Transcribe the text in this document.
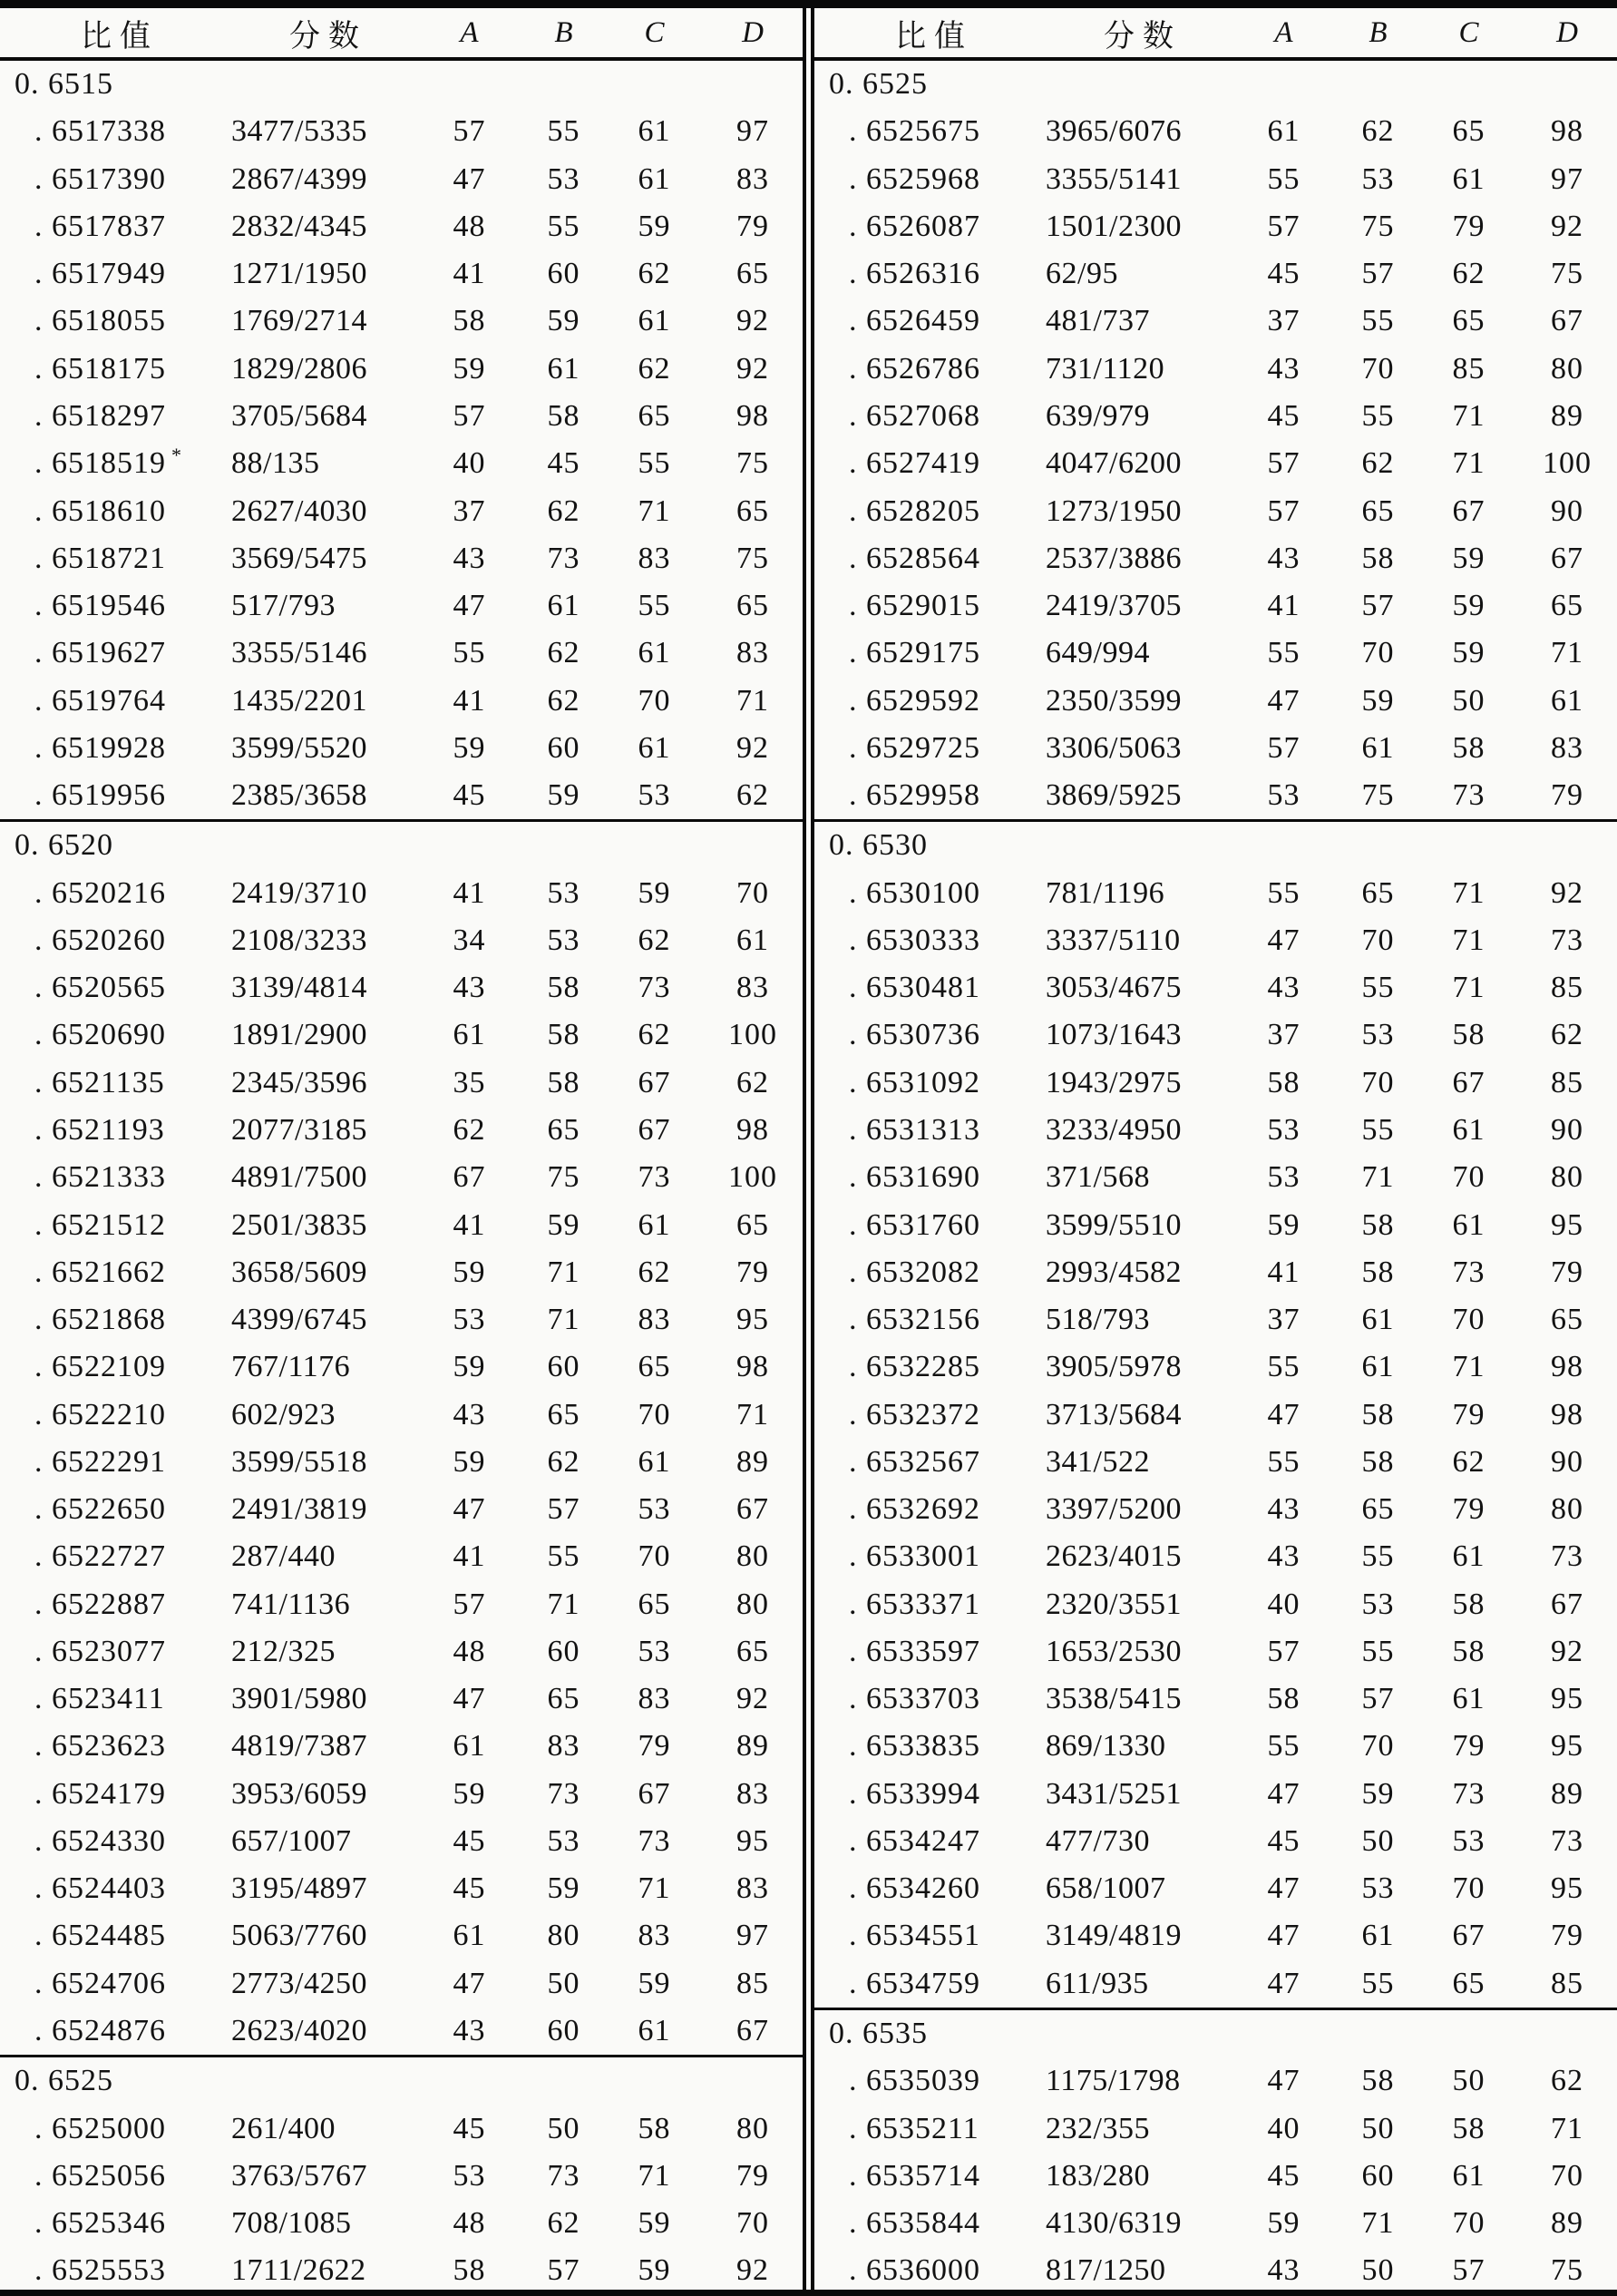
比值	分数	A	B	C	D
0. 6515
. 6517338	3477/5335	57	55	61	97
. 6517390	2867/4399	47	53	61	83
. 6517837	2832/4345	48	55	59	79
. 6517949	1271/1950	41	60	62	65
. 6518055	1769/2714	58	59	61	92
. 6518175	1829/2806	59	61	62	92
. 6518297	3705/5684	57	58	65	98
. 6518519 *	88/135	40	45	55	75
. 6518610	2627/4030	37	62	71	65
. 6518721	3569/5475	43	73	83	75
. 6519546	517/793	47	61	55	65
. 6519627	3355/5146	55	62	61	83
. 6519764	1435/2201	41	62	70	71
. 6519928	3599/5520	59	60	61	92
. 6519956	2385/3658	45	59	53	62
0. 6520
. 6520216	2419/3710	41	53	59	70
. 6520260	2108/3233	34	53	62	61
. 6520565	3139/4814	43	58	73	83
. 6520690	1891/2900	61	58	62	100
. 6521135	2345/3596	35	58	67	62
. 6521193	2077/3185	62	65	67	98
. 6521333	4891/7500	67	75	73	100
. 6521512	2501/3835	41	59	61	65
. 6521662	3658/5609	59	71	62	79
. 6521868	4399/6745	53	71	83	95
. 6522109	767/1176	59	60	65	98
. 6522210	602/923	43	65	70	71
. 6522291	3599/5518	59	62	61	89
. 6522650	2491/3819	47	57	53	67
. 6522727	287/440	41	55	70	80
. 6522887	741/1136	57	71	65	80
. 6523077	212/325	48	60	53	65
. 6523411	3901/5980	47	65	83	92
. 6523623	4819/7387	61	83	79	89
. 6524179	3953/6059	59	73	67	83
. 6524330	657/1007	45	53	73	95
. 6524403	3195/4897	45	59	71	83
. 6524485	5063/7760	61	80	83	97
. 6524706	2773/4250	47	50	59	85
. 6524876	2623/4020	43	60	61	67
0. 6525
. 6525000	261/400	45	50	58	80
. 6525056	3763/5767	53	73	71	79
. 6525346	708/1085	48	62	59	70
. 6525553	1711/2622	58	57	59	92
比值	分数	A	B	C	D
0. 6525
. 6525675	3965/6076	61	62	65	98
. 6525968	3355/5141	55	53	61	97
. 6526087	1501/2300	57	75	79	92
. 6526316	62/95	45	57	62	75
. 6526459	481/737	37	55	65	67
. 6526786	731/1120	43	70	85	80
. 6527068	639/979	45	55	71	89
. 6527419	4047/6200	57	62	71	100
. 6528205	1273/1950	57	65	67	90
. 6528564	2537/3886	43	58	59	67
. 6529015	2419/3705	41	57	59	65
. 6529175	649/994	55	70	59	71
. 6529592	2350/3599	47	59	50	61
. 6529725	3306/5063	57	61	58	83
. 6529958	3869/5925	53	75	73	79
0. 6530
. 6530100	781/1196	55	65	71	92
. 6530333	3337/5110	47	70	71	73
. 6530481	3053/4675	43	55	71	85
. 6530736	1073/1643	37	53	58	62
. 6531092	1943/2975	58	70	67	85
. 6531313	3233/4950	53	55	61	90
. 6531690	371/568	53	71	70	80
. 6531760	3599/5510	59	58	61	95
. 6532082	2993/4582	41	58	73	79
. 6532156	518/793	37	61	70	65
. 6532285	3905/5978	55	61	71	98
. 6532372	3713/5684	47	58	79	98
. 6532567	341/522	55	58	62	90
. 6532692	3397/5200	43	65	79	80
. 6533001	2623/4015	43	55	61	73
. 6533371	2320/3551	40	53	58	67
. 6533597	1653/2530	57	55	58	92
. 6533703	3538/5415	58	57	61	95
. 6533835	869/1330	55	70	79	95
. 6533994	3431/5251	47	59	73	89
. 6534247	477/730	45	50	53	73
. 6534260	658/1007	47	53	70	95
. 6534551	3149/4819	47	61	67	79
. 6534759	611/935	47	55	65	85
0. 6535
. 6535039	1175/1798	47	58	50	62
. 6535211	232/355	40	50	58	71
. 6535714	183/280	45	60	61	70
. 6535844	4130/6319	59	71	70	89
. 6536000	817/1250	43	50	57	75
